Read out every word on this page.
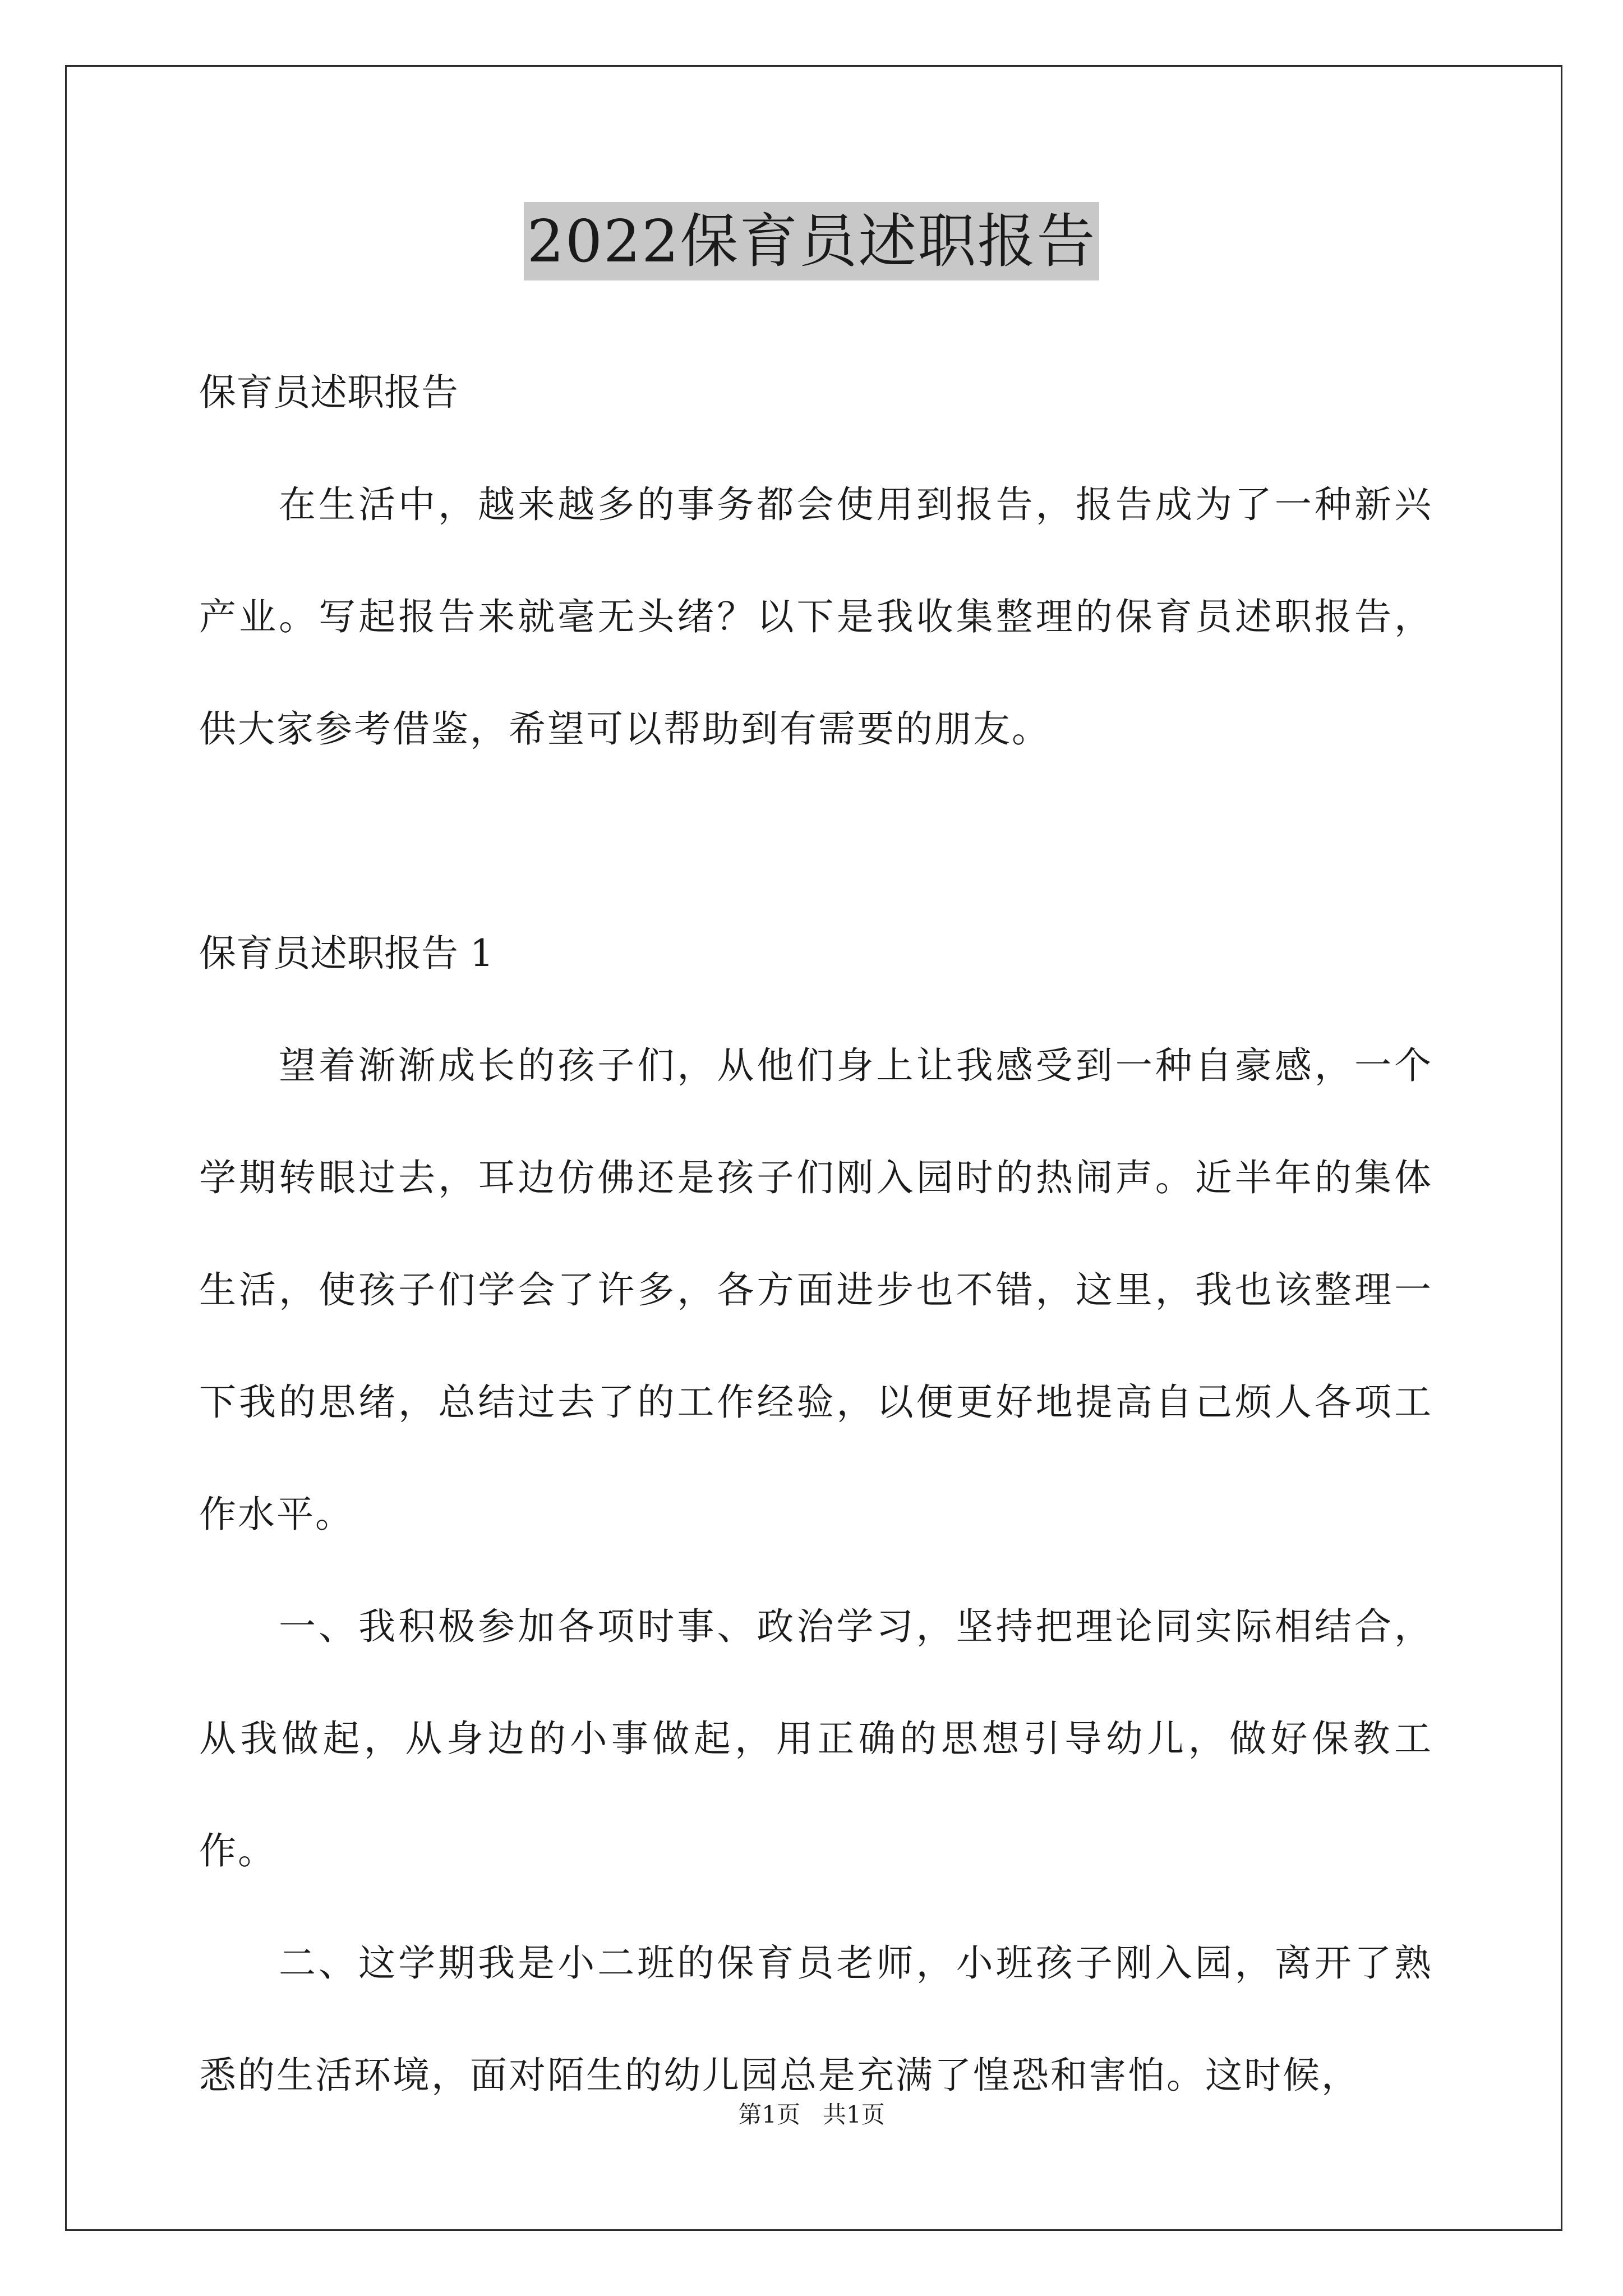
2022保育员述职报告

保育员述职报告

在生活中，越来越多的事务都会使用到报告，报告成为了一种新兴产业。写起报告来就毫无头绪？以下是我收集整理的保育员述职报告，供大家参考借鉴，希望可以帮助到有需要的朋友。

保育员述职报告 1

望着渐渐成长的孩子们，从他们身上让我感受到一种自豪感，一个学期转眼过去，耳边仿佛还是孩子们刚入园时的热闹声。近半年的集体生活，使孩子们学会了许多，各方面进步也不错，这里，我也该整理一下我的思绪，总结过去了的工作经验，以便更好地提高自己烦人各项工作水平。

一、我积极参加各项时事、政治学习，坚持把理论同实际相结合，从我做起，从身边的小事做起，用正确的思想引导幼儿，做好保教工作。

二、这学期我是小二班的保育员老师，小班孩子刚入园，离开了熟悉的生活环境，面对陌生的幼儿园总是充满了惶恐和害怕。这时候，

第1页   共1页
